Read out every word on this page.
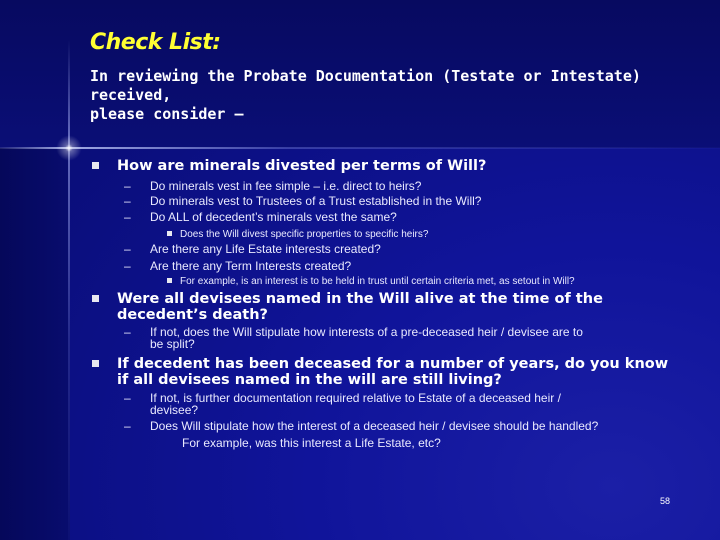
Check List:
In reviewing the Probate Documentation (Testate or Intestate)
received,
please consider –
How are minerals divested per terms of Will?
– Do minerals vest in fee simple – i.e. direct to heirs?
– Do minerals vest to Trustees of a Trust established in the Will?
– Do ALL of decedent’s minerals vest the same?
Does the Will divest specific properties to specific heirs?
– Are there any Life Estate interests created?
– Are there any Term Interests created?
For example, is an interest is to be held in trust until certain criteria met, as setout in Will?
Were all devisees named in the Will alive at the time of the
decedent’s death?
– If not, does the Will stipulate how interests of a pre-deceased heir / devisee are to
be split?
If decedent has been deceased for a number of years, do you know
if all devisees named in the will are still living?
– If not, is further documentation required relative to Estate of a deceased heir /
devisee?
– Does Will stipulate how the interest of a deceased heir / devisee should be handled?
For example, was this interest a Life Estate, etc?
58
